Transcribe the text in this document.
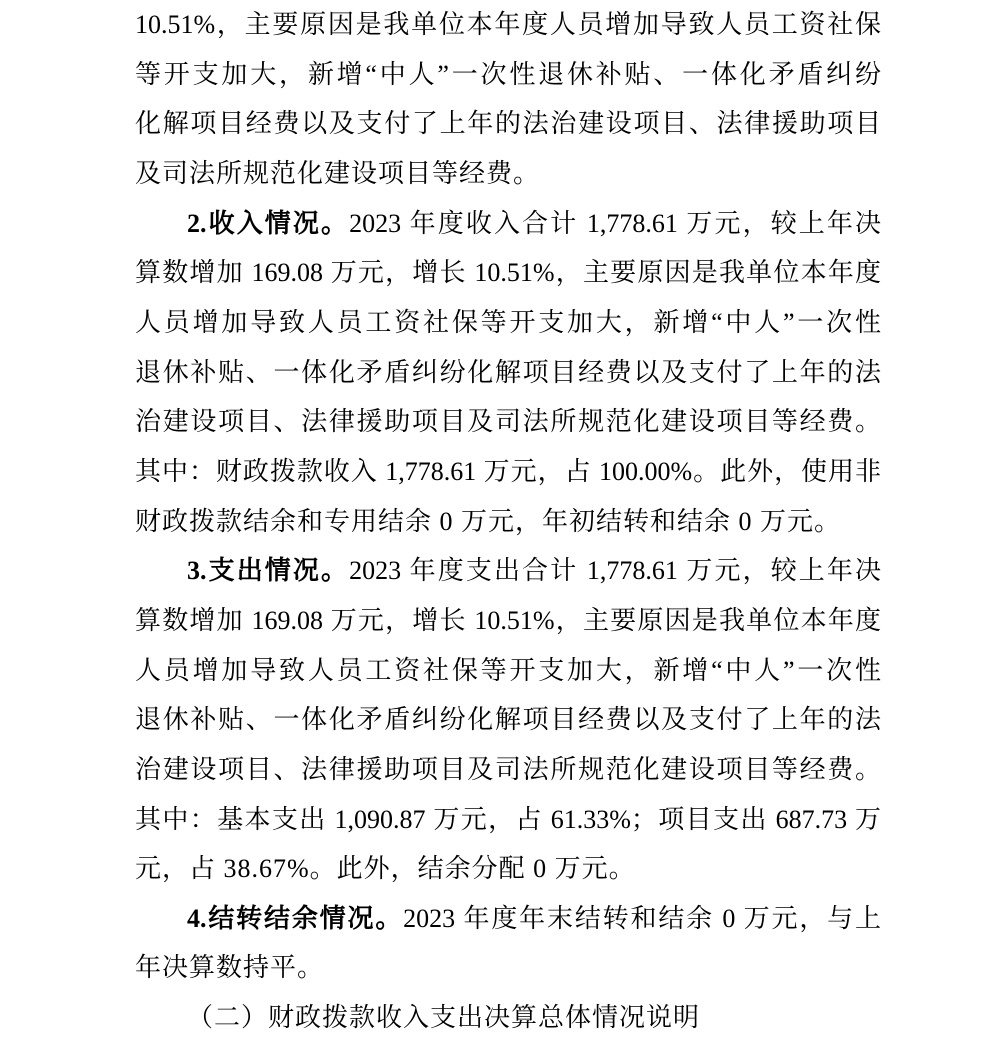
10.51%，主要原因是我单位本年度人员增加导致人员工资社保
等开支加大，新增“中人”一次性退休补贴、一体化矛盾纠纷
化解项目经费以及支付了上年的法治建设项目、法律援助项目
及司法所规范化建设项目等经费。
2.收入情况。2023 年度收入合计 1,778.61 万元，较上年决
算数增加 169.08 万元，增长 10.51%，主要原因是我单位本年度
人员增加导致人员工资社保等开支加大，新增“中人”一次性
退休补贴、一体化矛盾纠纷化解项目经费以及支付了上年的法
治建设项目、法律援助项目及司法所规范化建设项目等经费。
其中：财政拨款收入 1,778.61 万元，占 100.00%。此外，使用非
财政拨款结余和专用结余 0 万元，年初结转和结余 0 万元。
3.支出情况。2023 年度支出合计 1,778.61 万元，较上年决
算数增加 169.08 万元，增长 10.51%，主要原因是我单位本年度
人员增加导致人员工资社保等开支加大，新增“中人”一次性
退休补贴、一体化矛盾纠纷化解项目经费以及支付了上年的法
治建设项目、法律援助项目及司法所规范化建设项目等经费。
其中：基本支出 1,090.87 万元，占 61.33%；项目支出 687.73 万
元，占 38.67%。此外，结余分配 0 万元。
4.结转结余情况。2023 年度年末结转和结余 0 万元，与上
年决算数持平。
（二）财政拨款收入支出决算总体情况说明
